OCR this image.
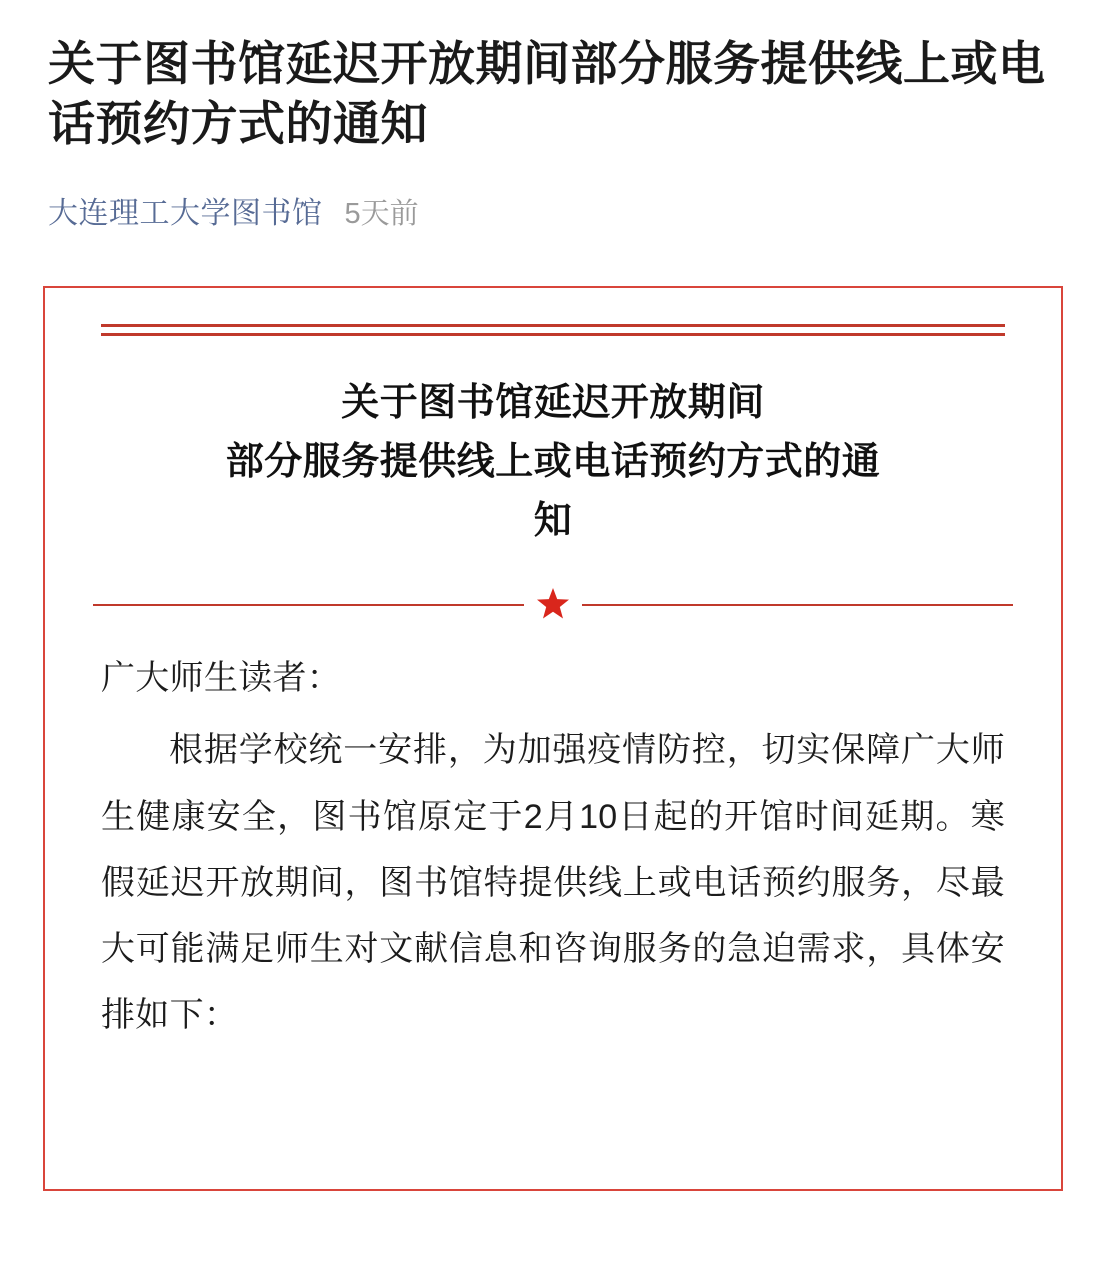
关于图书馆延迟开放期间部分服务提供线上或电话预约方式的通知
大连理工大学图书馆 5天前
关于图书馆延迟开放期间
部分服务提供线上或电话预约方式的通
知

广大师生读者：

根据学校统一安排，为加强疫情防控，切实保障广大师生健康安全，图书馆原定于2月10日起的开馆时间延期。寒假延迟开放期间，图书馆特提供线上或电话预约服务，尽最大可能满足师生对文献信息和咨询服务的急迫需求，具体安排如下：
